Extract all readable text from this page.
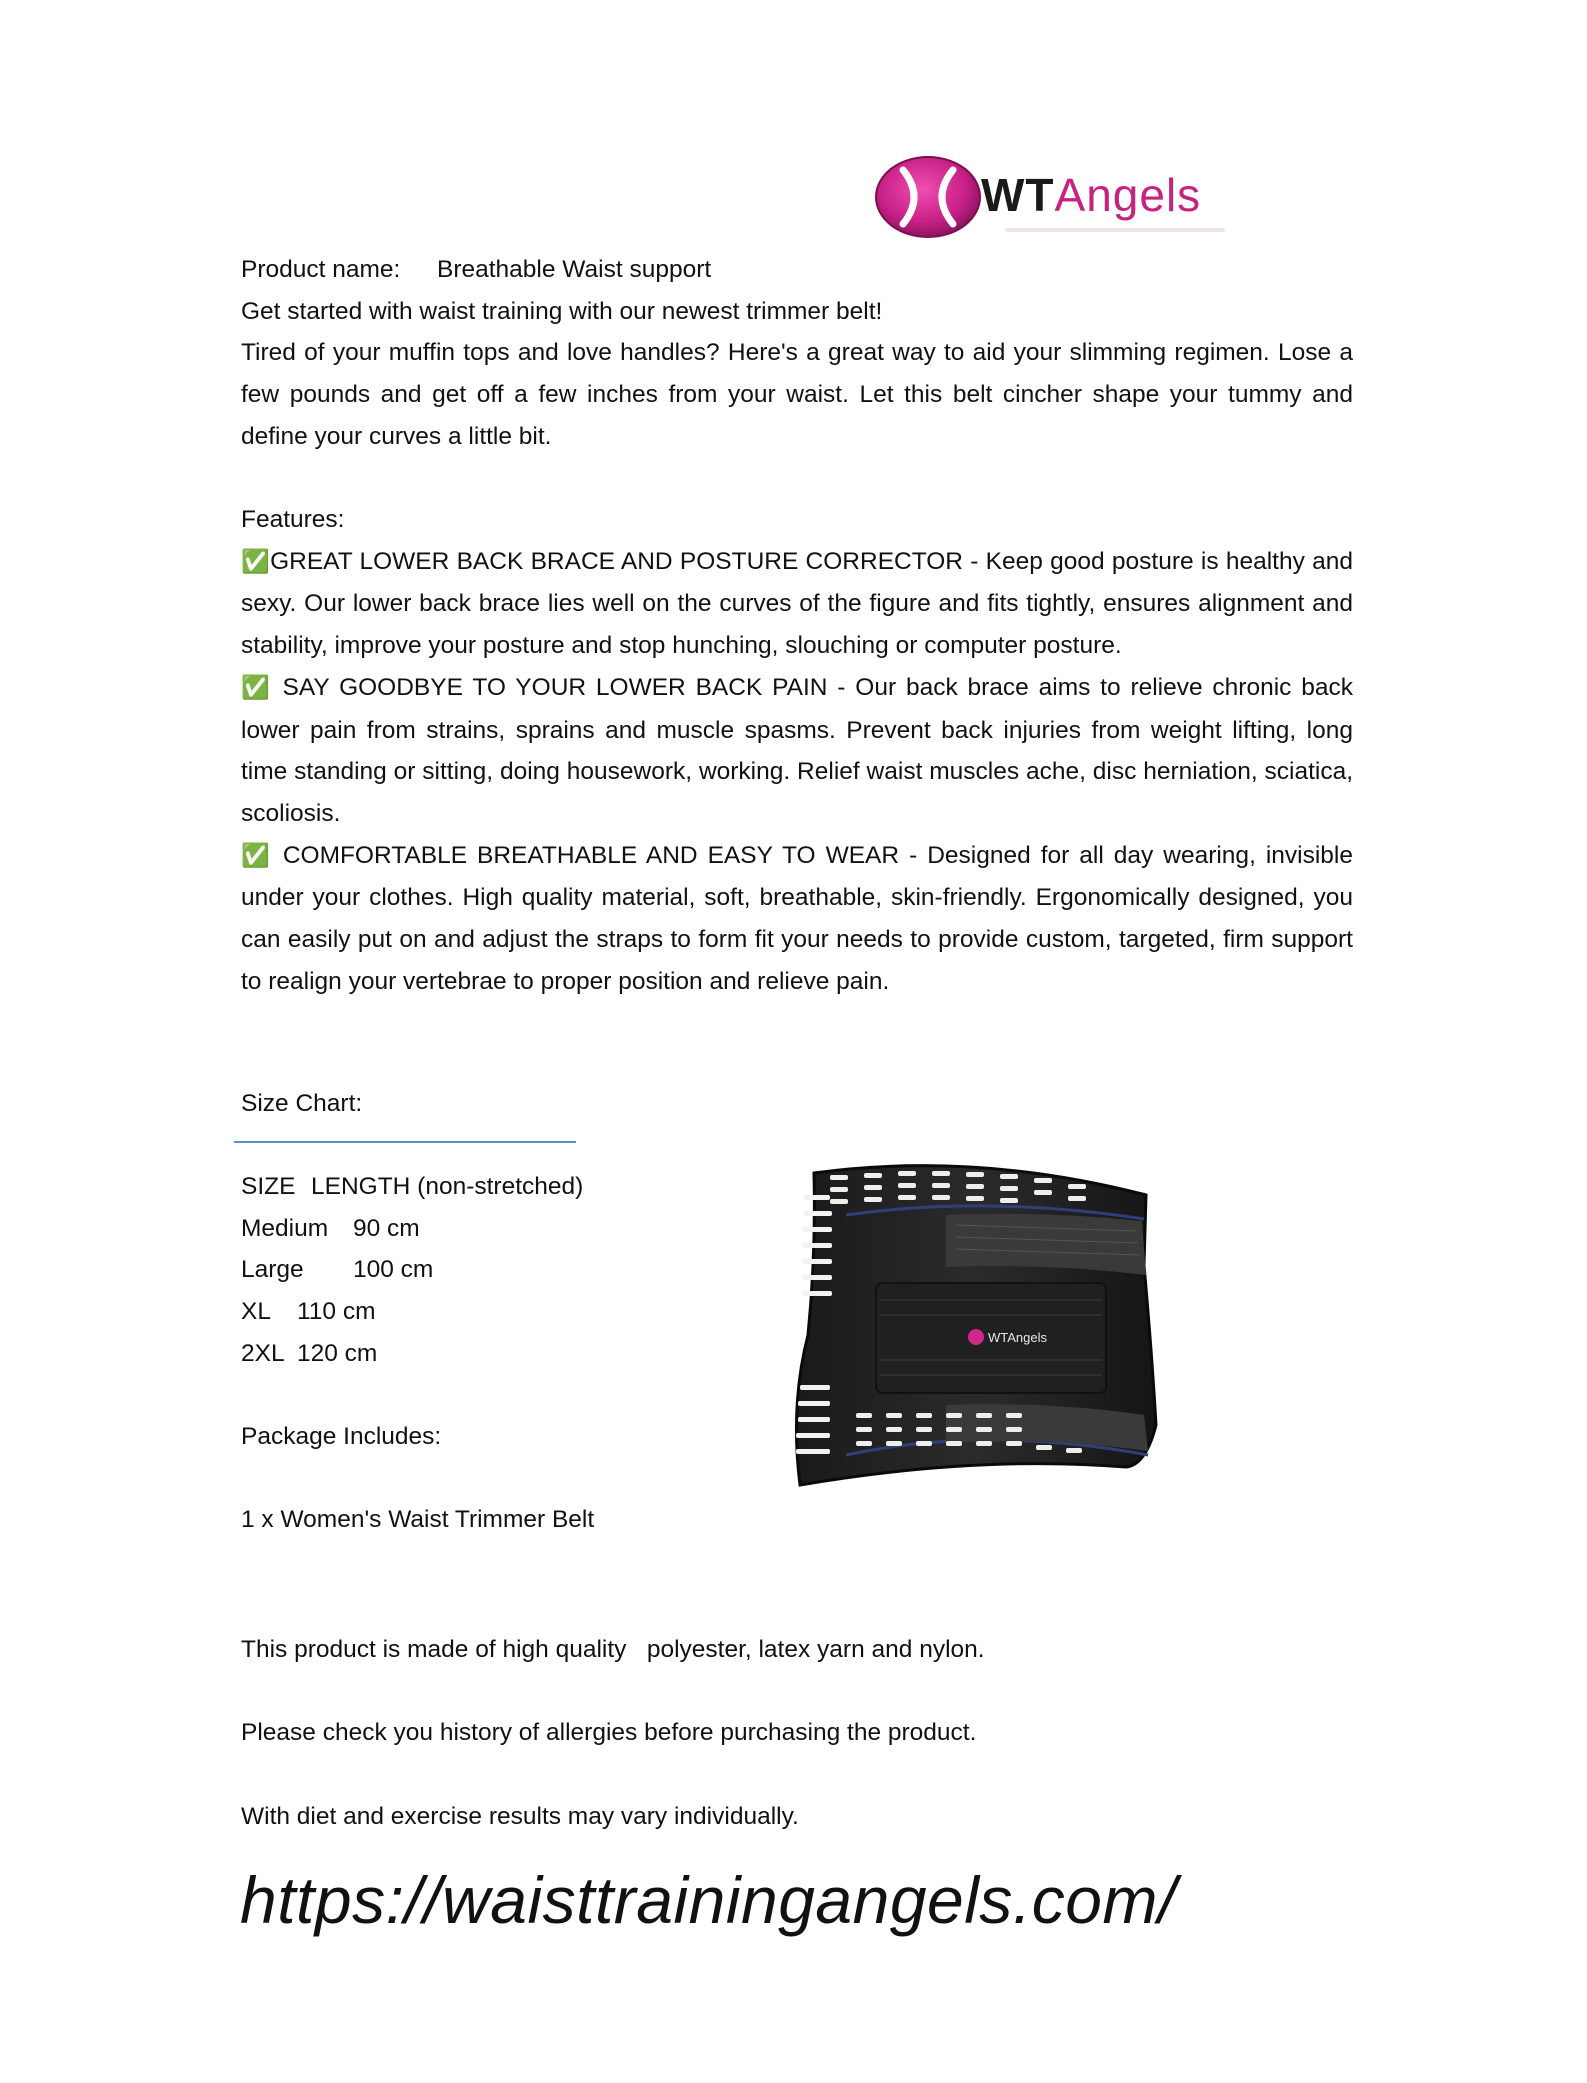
WTAngels
Product name: Breathable Waist support
Get started with waist training with our newest trimmer belt!

Tired of your muffin tops and love handles? Here's a great way to aid your slimming regimen. Lose a few pounds and get off a few inches from your waist. Let this belt cincher shape your tummy and define your curves a little bit.

Features:

✅GREAT LOWER BACK BRACE AND POSTURE CORRECTOR - Keep good posture is healthy and sexy. Our lower back brace lies well on the curves of the figure and fits tightly, ensures alignment and stability, improve your posture and stop hunching, slouching or computer posture.

✅ SAY GOODBYE TO YOUR LOWER BACK PAIN - Our back brace aims to relieve chronic back lower pain from strains, sprains and muscle spasms. Prevent back injuries from weight lifting, long time standing or sitting, doing housework, working. Relief waist muscles ache, disc herniation, sciatica, scoliosis.

✅ COMFORTABLE BREATHABLE AND EASY TO WEAR - Designed for all day wearing, invisible under your clothes. High quality material, soft, breathable, skin-friendly. Ergonomically designed, you can easily put on and adjust the straps to form fit your needs to provide custom, targeted, firm support to realign your vertebrae to proper position and relieve pain.

Size Chart:
SIZE LENGTH (non-stretched)
Medium 90 cm
Large 100 cm
XL 110 cm
2XL 120 cm
Package Includes:
1 x Women's Waist Trimmer Belt
WTAngels
This product is made of high quality   polyester, latex yarn and nylon.
Please check you history of allergies before purchasing the product.
With diet and exercise results may vary individually.
https://waisttrainingangels.com/
